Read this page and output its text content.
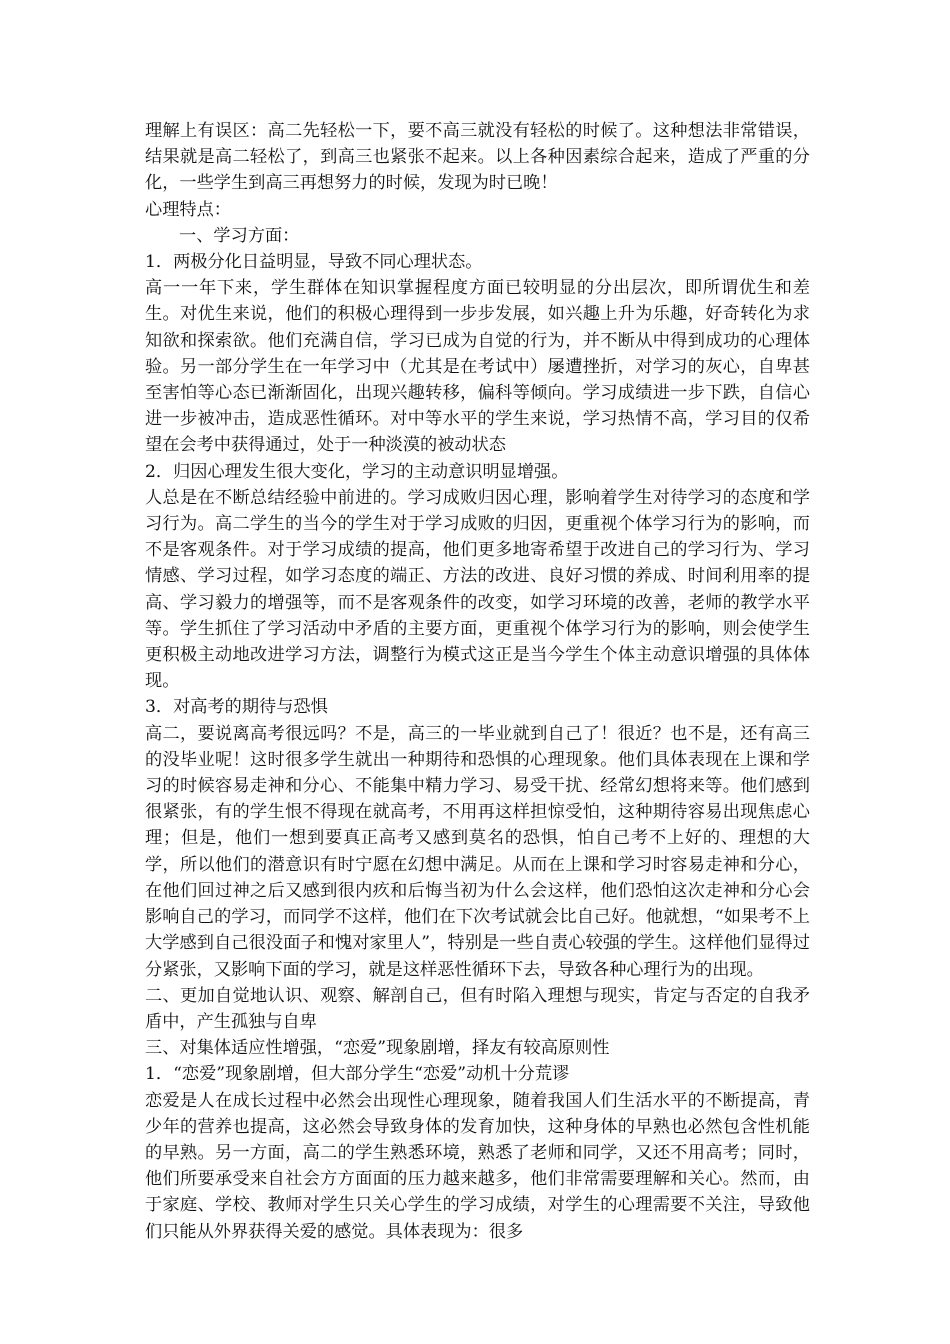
理解上有误区：高二先轻松一下，要不高三就没有轻松的时候了。这种想法非常错误，结果就是高二轻松了，到高三也紧张不起来。以上各种因素综合起来，造成了严重的分化，一些学生到高三再想努力的时候，发现为时已晚！

心理特点：

一、学习方面：

1．两极分化日益明显，导致不同心理状态。

高一一年下来，学生群体在知识掌握程度方面已较明显的分出层次，即所谓优生和差生。对优生来说，他们的积极心理得到一步步发展，如兴趣上升为乐趣，好奇转化为求知欲和探索欲。他们充满自信，学习已成为自觉的行为，并不断从中得到成功的心理体验。另一部分学生在一年学习中（尤其是在考试中）屡遭挫折，对学习的灰心，自卑甚至害怕等心态已渐渐固化，出现兴趣转移，偏科等倾向。学习成绩进一步下跌，自信心进一步被冲击，造成恶性循环。对中等水平的学生来说，学习热情不高，学习目的仅希望在会考中获得通过，处于一种淡漠的被动状态

2．归因心理发生很大变化，学习的主动意识明显增强。

人总是在不断总结经验中前进的。学习成败归因心理，影响着学生对待学习的态度和学习行为。高二学生的当今的学生对于学习成败的归因，更重视个体学习行为的影响，而不是客观条件。对于学习成绩的提高，他们更多地寄希望于改进自己的学习行为、学习情感、学习过程，如学习态度的端正、方法的改进、良好习惯的养成、时间利用率的提高、学习毅力的增强等，而不是客观条件的改变，如学习环境的改善，老师的教学水平等。学生抓住了学习活动中矛盾的主要方面，更重视个体学习行为的影响，则会使学生更积极主动地改进学习方法，调整行为模式这正是当今学生个体主动意识增强的具体体现。

3．对高考的期待与恐惧

高二，要说离高考很远吗？不是，高三的一毕业就到自己了！很近？也不是，还有高三的没毕业呢！这时很多学生就出一种期待和恐惧的心理现象。他们具体表现在上课和学习的时候容易走神和分心、不能集中精力学习、易受干扰、经常幻想将来等。他们感到很紧张，有的学生恨不得现在就高考，不用再这样担惊受怕，这种期待容易出现焦虑心理；但是，他们一想到要真正高考又感到莫名的恐惧，怕自己考不上好的、理想的大学，所以他们的潜意识有时宁愿在幻想中满足。从而在上课和学习时容易走神和分心，在他们回过神之后又感到很内疚和后悔当初为什么会这样，他们恐怕这次走神和分心会影响自己的学习，而同学不这样，他们在下次考试就会比自己好。他就想，“如果考不上大学感到自己很没面子和愧对家里人”，特别是一些自责心较强的学生。这样他们显得过分紧张，又影响下面的学习，就是这样恶性循环下去，导致各种心理行为的出现。

二、更加自觉地认识、观察、解剖自己，但有时陷入理想与现实，肯定与否定的自我矛盾中，产生孤独与自卑

三、对集体适应性增强，“恋爱”现象剧增，择友有较高原则性

1．“恋爱”现象剧增，但大部分学生“恋爱”动机十分荒谬

恋爱是人在成长过程中必然会出现性心理现象，随着我国人们生活水平的不断提高，青少年的营养也提高，这必然会导致身体的发育加快，这种身体的早熟也必然包含性机能的早熟。另一方面，高二的学生熟悉环境，熟悉了老师和同学，又还不用高考；同时，他们所要承受来自社会方方面面的压力越来越多，他们非常需要理解和关心。然而，由于家庭、学校、教师对学生只关心学生的学习成绩，对学生的心理需要不关注，导致他们只能从外界获得关爱的感觉。具体表现为：很多
